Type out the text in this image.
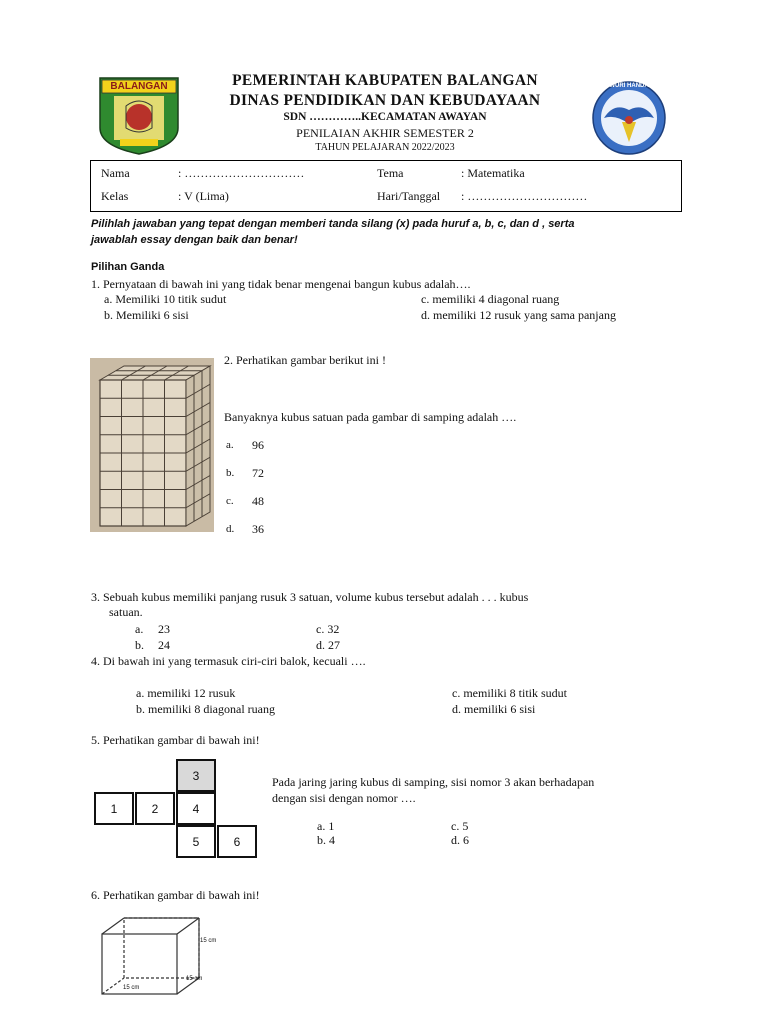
BALANGAN	TUT WURI HANDAYANI
PEMERINTAH KABUPATEN BALANGAN
DINAS PENDIDIKAN DAN KEBUDAYAAN
SDN …………..KECAMATAN AWAYAN
PENILAIAN AKHIR SEMESTER 2
TAHUN PELAJARAN 2022/2023
Nama	: …………………………	Tema	: Matematika
Kelas	: V (Lima)	Hari/Tanggal : …………………………
Pilihlah jawaban yang tepat dengan memberi tanda silang (x) pada huruf a, b, c, dan d , serta
jawablah essay dengan baik dan benar!
Pilihan Ganda
1. Pernyataan di bawah ini yang tidak benar mengenai bangun kubus adalah….
a. Memiliki 10 titik sudut
b. Memiliki 6 sisi
c. memiliki 4 diagonal ruang
d. memiliki 12 rusuk yang sama panjang
2. Perhatikan gambar berikut ini !
Banyaknya kubus satuan pada gambar di samping adalah ….
a. 96
b. 72
c. 48
d. 36
3. Sebuah kubus memiliki panjang rusuk 3 satuan, volume kubus tersebut adalah . . . kubus
satuan.
a. 23
b. 24
c. 32
d. 27
4. Di bawah ini yang termasuk ciri-ciri balok, kecuali ….
a. memiliki 12 rusuk
b. memiliki 8 diagonal ruang
c. memiliki 8 titik sudut
d. memiliki 6 sisi
5. Perhatikan gambar di bawah ini!
3
1	2	4
5	6
Pada jaring jaring kubus di samping, sisi nomor 3 akan berhadapan
dengan sisi dengan nomor ….
a. 1
b. 4
c. 5
d. 6
6. Perhatikan gambar di bawah ini!
15 cm
15 cm
15 cm
